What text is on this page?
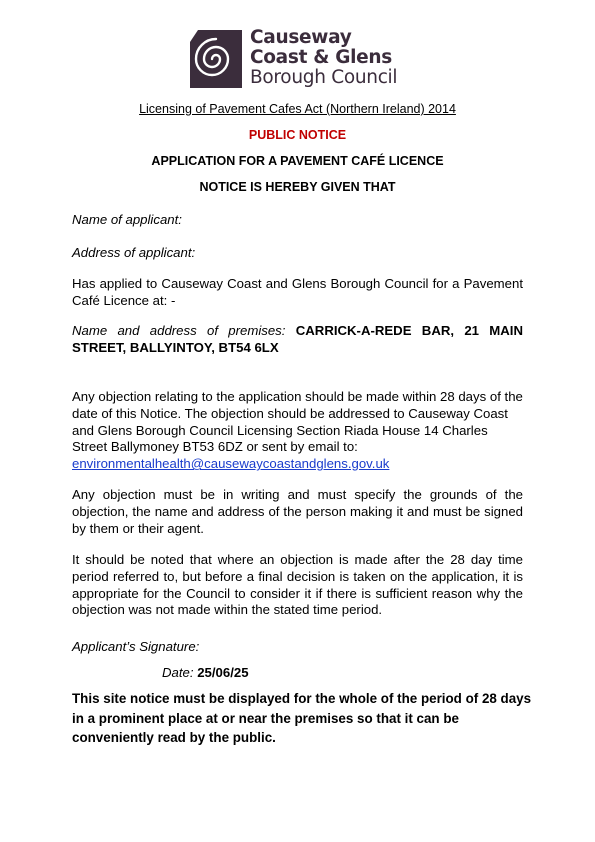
Causeway
Coast & Glens
Borough Council
Licensing of Pavement Cafes Act (Northern Ireland) 2014
PUBLIC NOTICE
APPLICATION FOR A PAVEMENT CAFÉ LICENCE
NOTICE IS HEREBY GIVEN THAT
Name of applicant:
Address of applicant:
Has applied to Causeway Coast and Glens Borough Council for a Pavement Café Licence at: -
Name and address of premises: CARRICK-A-REDE BAR, 21 MAIN STREET, BALLYINTOY, BT54 6LX
Any objection relating to the application should be made within 28 days of the date of this Notice. The objection should be addressed to Causeway Coast and Glens Borough Council Licensing Section Riada House 14 Charles Street Ballymoney BT53 6DZ or sent by email to: environmentalhealth@causewaycoastandglens.gov.uk
Any objection must be in writing and must specify the grounds of the objection, the name and address of the person making it and must be signed by them or their agent.
It should be noted that where an objection is made after the 28 day time period referred to, but before a final decision is taken on the application, it is appropriate for the Council to consider it if there is sufficient reason why the objection was not made within the stated time period.
Applicant’s Signature:
Date: 25/06/25
This site notice must be displayed for the whole of the period of 28 days in a prominent place at or near the premises so that it can be conveniently read by the public.
